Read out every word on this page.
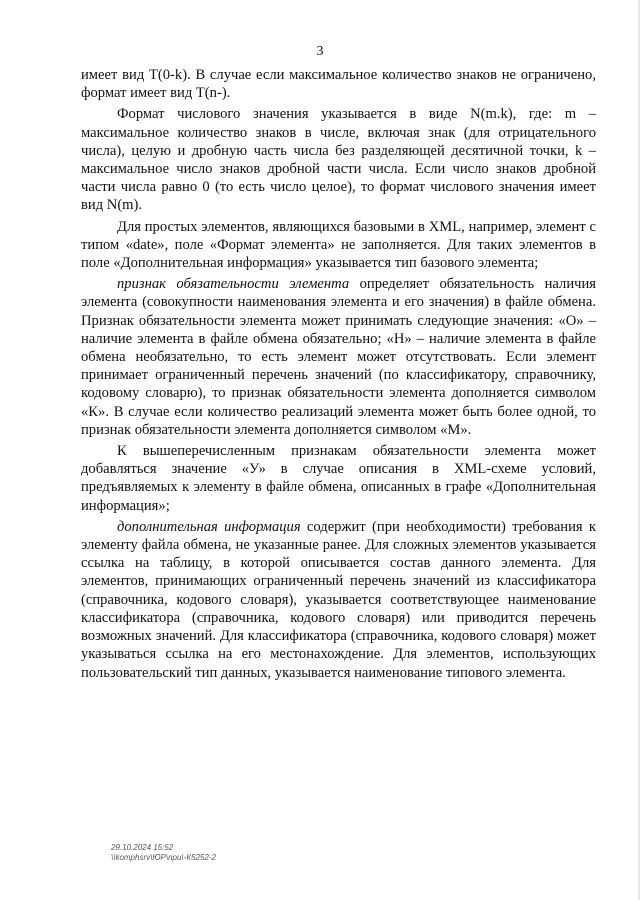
3

имеет вид Т(0-k). В случае если максимальное количество знаков не ограничено, формат имеет вид Т(n-).

Формат числового значения указывается в виде N(m.k), где: m – максимальное количество знаков в числе, включая знак (для отрицательного числа), целую и дробную часть числа без разделяющей десятичной точки, k – максимальное число знаков дробной части числа. Если число знаков дробной части числа равно 0 (то есть число целое), то формат числового значения имеет вид N(m).

Для простых элементов, являющихся базовыми в XML, например, элемент с типом «date», поле «Формат элемента» не заполняется. Для таких элементов в поле «Дополнительная информация» указывается тип базового элемента;

признак обязательности элемента определяет обязательность наличия элемента (совокупности наименования элемента и его значения) в файле обмена. Признак обязательности элемента может принимать следующие значения: «О» – наличие элемента в файле обмена обязательно; «Н» – наличие элемента в файле обмена необязательно, то есть элемент может отсутствовать. Если элемент принимает ограниченный перечень значений (по классификатору, справочнику, кодовому словарю), то признак обязательности элемента дополняется символом «К». В случае если количество реализаций элемента может быть более одной, то признак обязательности элемента дополняется символом «М».

К вышеперечисленным признакам обязательности элемента может добавляться значение «У» в случае описания в XML-схеме условий, предъявляемых к элементу в файле обмена, описанных в графе «Дополнительная информация»;

дополнительная информация содержит (при необходимости) требования к элементу файла обмена, не указанные ранее. Для сложных элементов указывается ссылка на таблицу, в которой описывается состав данного элемента. Для элементов, принимающих ограниченный перечень значений из классификатора (справочника, кодового словаря), указывается соответствующее наименование классификатора (справочника, кодового словаря) или приводится перечень возможных значений. Для классификатора (справочника, кодового словаря) может указываться ссылка на его местонахождение. Для элементов, использующих пользовательский тип данных, указывается наименование типового элемента.

29.10.2024 15:52
\\komphsrv\ЮР\npu\-К5252-2
